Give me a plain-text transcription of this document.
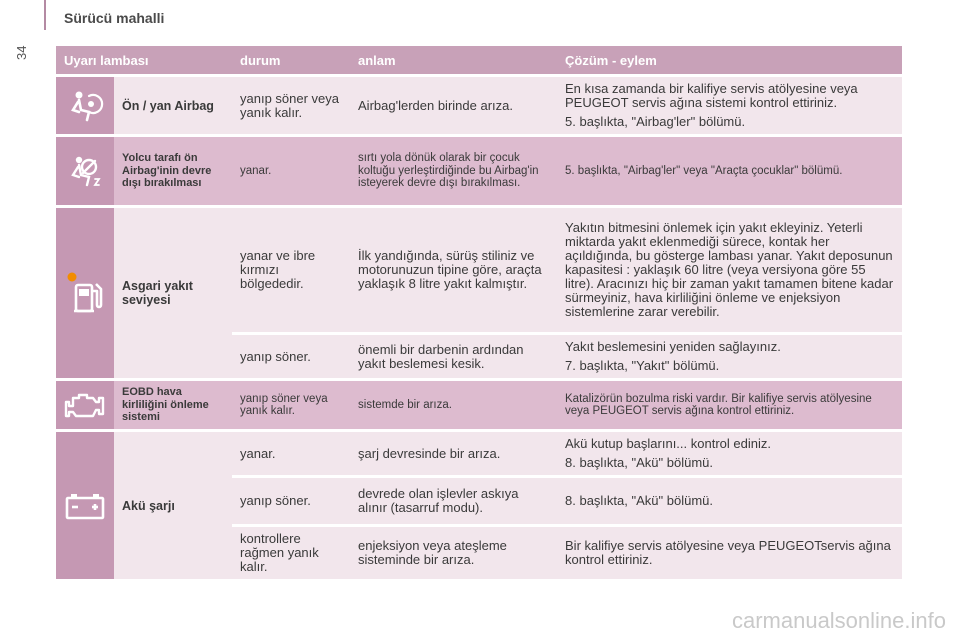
Sürücü mahalli
34	Uyarı lambası		durum	anlam	Çözüm - eylem

	Ön / yan Airbag	yanıp söner veya yanık kalır.	Airbag'lerden birinde arıza.	En kısa zamanda bir kalifiye servis atölyesine veya PEUGEOT servis ağına sistemi kontrol ettiriniz.

5. başlıkta, "Airbag'ler" bölümü.

	Yolcu tarafı ön Airbag'inin devre dışı bırakılması	yanar.	sırtı yola dönük olarak bir çocuk koltuğu yerleştirdiğinde bu Airbag'in isteyerek devre dışı bırakılması.	5. başlıkta, "Airbag'ler" veya "Araçta çocuklar" bölümü.

	Asgari yakıt seviyesi	yanar ve ibre kırmızı bölgededir.	İlk yandığında, sürüş stiliniz ve motorunuzun tipine göre, araçta yaklaşık 8 litre yakıt kalmıştır.	Yakıtın bitmesini önlemek için yakıt ekleyiniz. Yeterli miktarda yakıt eklenmediği sürece, kontak her açıldığında, bu gösterge lambası yanar. Yakıt deposunun kapasitesi : yaklaşık 60 litre (veya versiyona göre 55 litre). Aracınızı hiç bir zaman yakıt tamamen bitene kadar sürmeyiniz, hava kirliliğini önleme ve enjeksiyon sistemlerine zarar verebilir.

		yanıp söner.	önemli bir darbenin ardından yakıt beslemesi kesik.	Yakıt beslemesini yeniden sağlayınız.

7. başlıkta, "Yakıt" bölümü.

	EOBD hava kirliliğini önleme sistemi	yanıp söner veya yanık kalır.	sistemde bir arıza.	Katalizörün bozulma riski vardır. Bir kalifiye servis atölyesine veya PEUGEOT servis ağına kontrol ettiriniz.

	Akü şarjı	yanar.	şarj devresinde bir arıza.	Akü kutup başlarını... kontrol ediniz.

8. başlıkta, "Akü" bölümü.

		yanıp söner.	devrede olan işlevler askıya alınır (tasarruf modu).	8. başlıkta, "Akü" bölümü.

		kontrollere rağmen yanık kalır.	enjeksiyon veya ateşleme sisteminde bir arıza.	Bir kalifiye servis atölyesine veya PEUGEOTservis ağına kontrol ettiriniz.

carmanualsonline.info
